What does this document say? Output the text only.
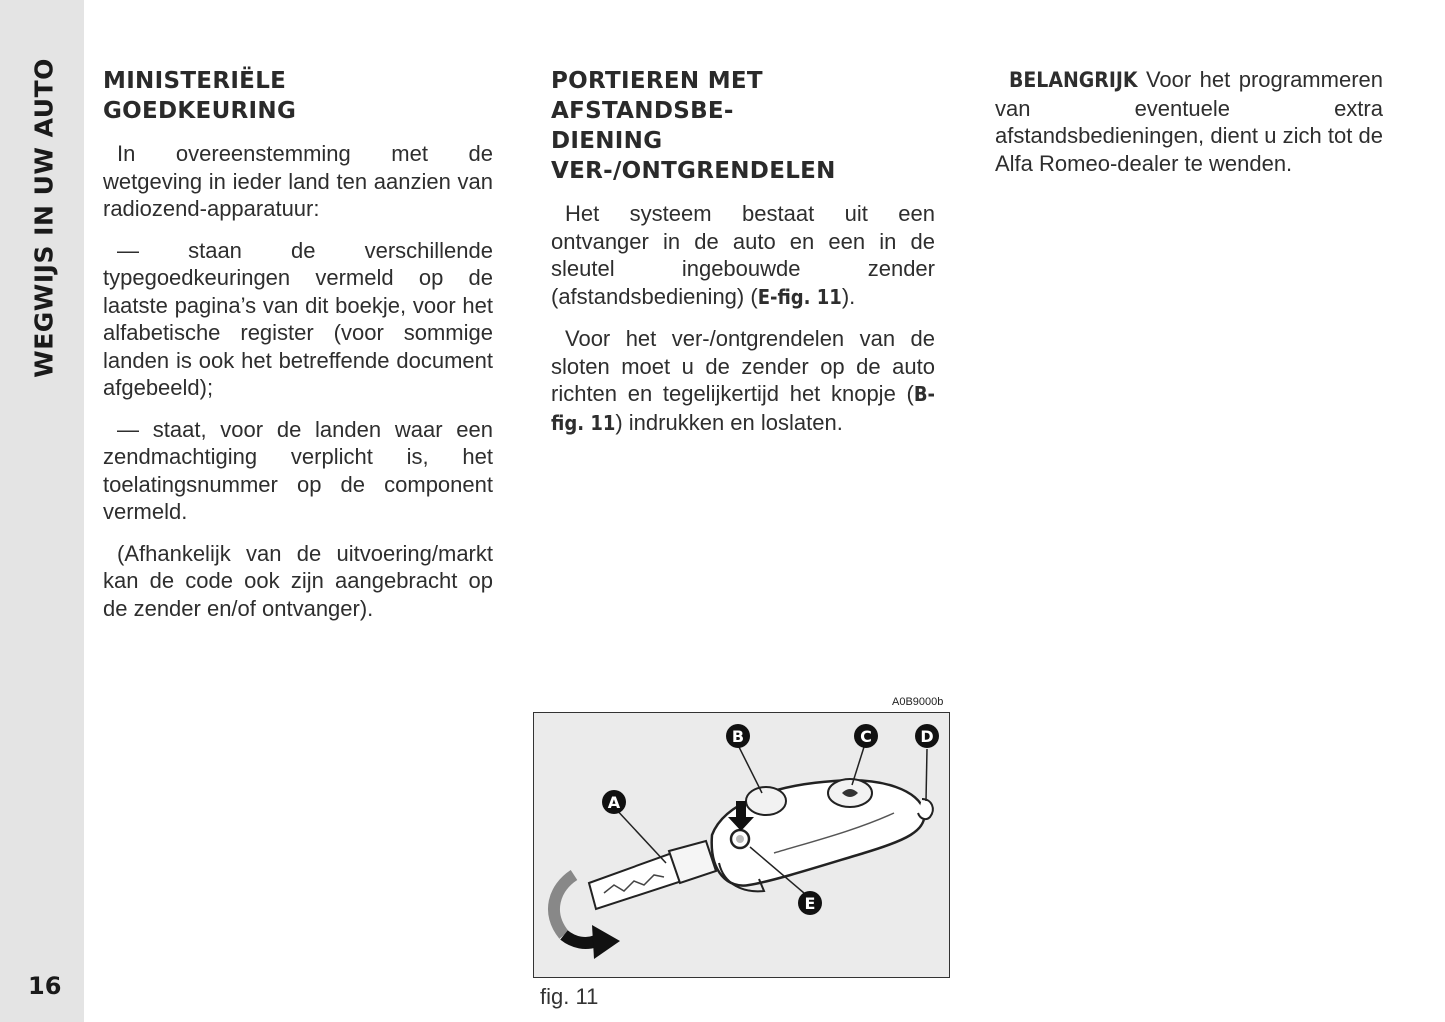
WEGWIJS IN UW AUTO
16
MINISTERIËLE
GOEDKEURING

In overeenstemming met de wetgeving in ieder land ten aanzien van radiozend-apparatuur:

— staan de verschillende typegoedkeuringen vermeld op de laatste pagina’s van dit boekje, voor het alfabetische register (voor sommige landen is ook het betreffende document afgebeeld);

— staat, voor de landen waar een zendmachtiging verplicht is, het toelatingsnummer op de component vermeld.

(Afhankelijk van de uitvoering/markt kan de code ook zijn aangebracht op de zender en/of ontvanger).

PORTIEREN MET AFSTANDSBE-
DIENING VER-/ONTGRENDELEN

Het systeem bestaat uit een ontvanger in de auto en een in de sleutel ingebouwde zender (afstandsbediening) (E-fig. 11).

Voor het ver-/ontgrendelen van de sloten moet u de zender op de auto richten en tegelijkertijd het knopje (B-fig. 11) indrukken en loslaten.

BELANGRIJK Voor het programmeren van eventuele extra afstandsbedieningen, dient u zich tot de Alfa Romeo-dealer te wenden.

A0B9000b
A
B	C	D
E
fig. 11
